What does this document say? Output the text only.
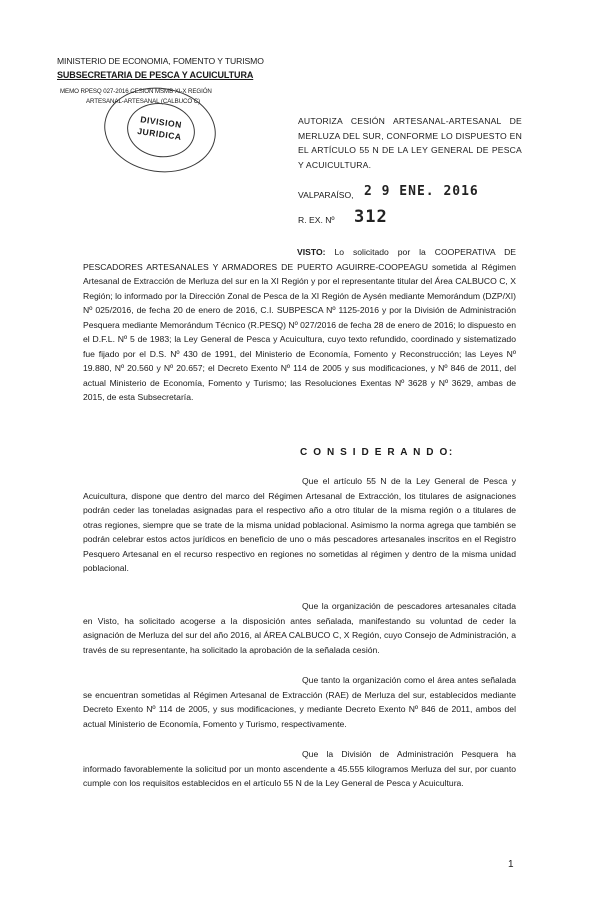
MINISTERIO DE ECONOMIA, FOMENTO Y TURISMO
SUBSECRETARIA DE PESCA Y ACUICULTURA
MEMO RPESQ 027-2016 CESION MSMB XI-X REGIÓN
ARTESANAL-ARTESANAL (CALBUCO C)
DIVISION
JURIDICA
AUTORIZA CESIÓN ARTESANAL-ARTESANAL DE MERLUZA DEL SUR, CONFORME LO DISPUESTO EN EL ARTÍCULO 55 N DE LA LEY GENERAL DE PESCA Y ACUICULTURA.
VALPARAÍSO, 2 9 ENE. 2016
R. EX. Nº 312
VISTO: Lo solicitado por la COOPERATIVA DE PESCADORES ARTESANALES Y ARMADORES DE PUERTO AGUIRRE-COOPEAGU sometida al Régimen Artesanal de Extracción de Merluza del sur en la XI Región y por el representante titular del Área CALBUCO C, X Región; lo informado por la Dirección Zonal de Pesca de la XI Región de Aysén mediante Memorándum (DZP/XI) Nº 025/2016, de fecha 20 de enero de 2016, C.I. SUBPESCA Nº 1125-2016 y por la División de Administración Pesquera mediante Memorándum Técnico (R.PESQ) Nº 027/2016 de fecha 28 de enero de 2016; lo dispuesto en el D.F.L. Nº 5 de 1983; la Ley General de Pesca y Acuicultura, cuyo texto refundido, coordinado y sistematizado fue fijado por el D.S. Nº 430 de 1991, del Ministerio de Economía, Fomento y Reconstrucción; las Leyes Nº 19.880, Nº 20.560 y Nº 20.657; el Decreto Exento Nº 114 de 2005 y sus modificaciones, y Nº 846 de 2011, del actual Ministerio de Economía, Fomento y Turismo; las Resoluciones Exentas Nº 3628 y Nº 3629, ambas de 2015, de esta Subsecretaría.
C O N S I D E R A N D O:
Que el artículo 55 N de la Ley General de Pesca y Acuicultura, dispone que dentro del marco del Régimen Artesanal de Extracción, los titulares de asignaciones podrán ceder las toneladas asignadas para el respectivo año a otro titular de la misma región o a titulares de otras regiones, siempre que se trate de la misma unidad poblacional. Asimismo la norma agrega que también se podrán celebrar estos actos jurídicos en beneficio de uno o más pescadores artesanales inscritos en el Registro Pesquero Artesanal en el recurso respectivo en regiones no sometidas al régimen y dentro de la misma unidad poblacional.
Que la organización de pescadores artesanales citada en Visto, ha solicitado acogerse a la disposición antes señalada, manifestando su voluntad de ceder la asignación de Merluza del sur del año 2016, al ÁREA CALBUCO C, X Región, cuyo Consejo de Administración, a través de su representante, ha solicitado la aprobación de la señalada cesión.
Que tanto la organización como el área antes señalada se encuentran sometidas al Régimen Artesanal de Extracción (RAE) de Merluza del sur, establecidos mediante Decreto Exento Nº 114 de 2005, y sus modificaciones, y mediante Decreto Exento Nº 846 de 2011, ambos del actual Ministerio de Economía, Fomento y Turismo, respectivamente.
Que la División de Administración Pesquera ha informado favorablemente la solicitud por un monto ascendente a 45.555 kilogramos Merluza del sur, por cuanto cumple con los requisitos establecidos en el artículo 55 N de la Ley General de Pesca y Acuicultura.
1
